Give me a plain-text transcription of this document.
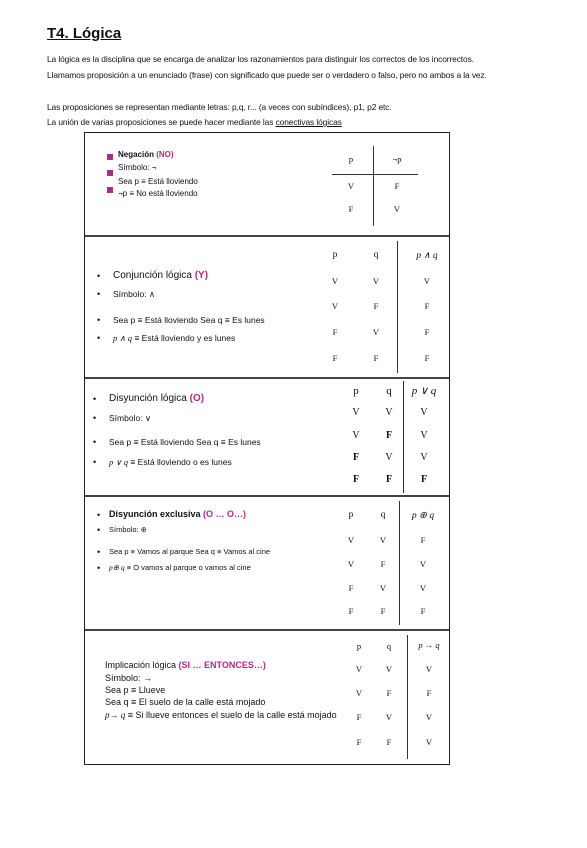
T4. Lógica
La lógica es la disciplina que se encarga de analizar los razonamientos para distinguir los correctos de los incorrectos.
Llamamos proposición a un enunciado (frase) con significado que puede ser o verdadero o falso, pero no ambos a la vez.
Las proposiciones se representan mediante letras: p,q, r... (a veces con subíndices), p1, p2 etc.
La unión de varias proposiciones se puede hacer mediante las conectivas lógicas
Negación (NO)
Símbolo: ¬
Sea p ≡ Está lloviendo
¬p ≡ No está lloviendo
p	¬p
V	F
F	V
• Conjunción lógica (Y)
• Símbolo: ∧
• Sea p ≡ Está lloviendo Sea q ≡ Es lunes
• p ∧ q ≡ Está lloviendo y es lunes
p	q	p ∧ q
V	V	V
V	F	F
F	V	F
F	F	F
• Disyunción lógica (O)
• Símbolo: ∨
• Sea p ≡ Está lloviendo Sea q ≡ Es lunes
• p ∨ q ≡ Está lloviendo o es lunes
p	q	p ∨ q
V	V	V
V	F	V
F	V	V
F	F	F
• Disyunción exclusiva (O … O…)
• Símbolo: ⊕
• Sea p ≡ Vamos al parque Sea q ≡ Vamos al cine
• p⊕ q ≡ O vamos al parque o vamos al cine
p	q	p ⊕ q
V	V	F
V	F	V
F	V	V
F	F	F
Implicación lógica (SI … ENTONCES…)
Símbolo: →
Sea p ≡ Llueve
Sea q ≡ El suelo de la calle está mojado
p→ q ≡ Si llueve entonces el suelo de la calle está mojado
p	q	p → q
V	V	V
V	F	F
F	V	V
F	F	V
